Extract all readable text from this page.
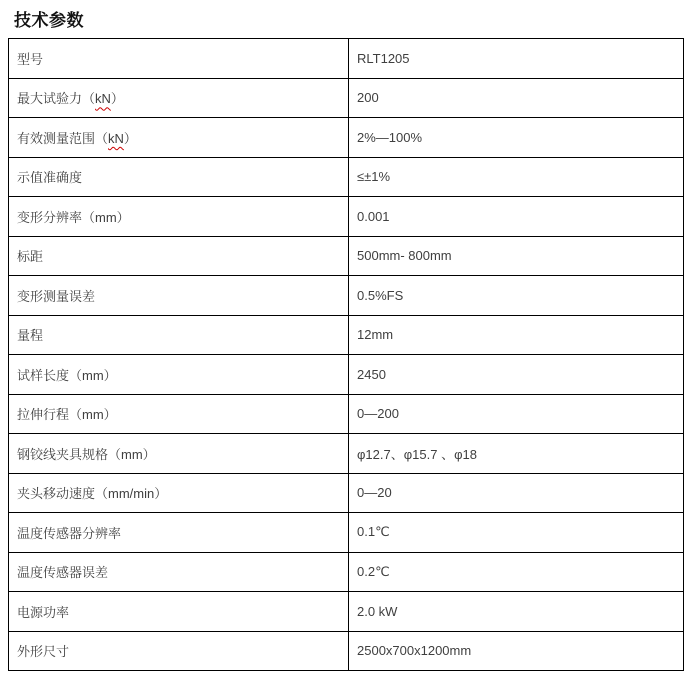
技术参数
型号	RLT1205
最大试验力（kN）	200
有效测量范围（kN）	2%—100%
示值准确度	≤±1%
变形分辨率（mm）	0.001
标距	500mm- 800mm
变形测量误差	0.5%FS
量程	12mm
试样长度（mm）	2450
拉伸行程（mm）	0—200
钢铰线夹具规格（mm）	φ12.7、φ15.7 、φ18
夹头移动速度（mm/min）	0—20
温度传感器分辨率	0.1℃
温度传感器误差	0.2℃
电源功率	2.0 kW
外形尺寸	2500x700x1200mm
